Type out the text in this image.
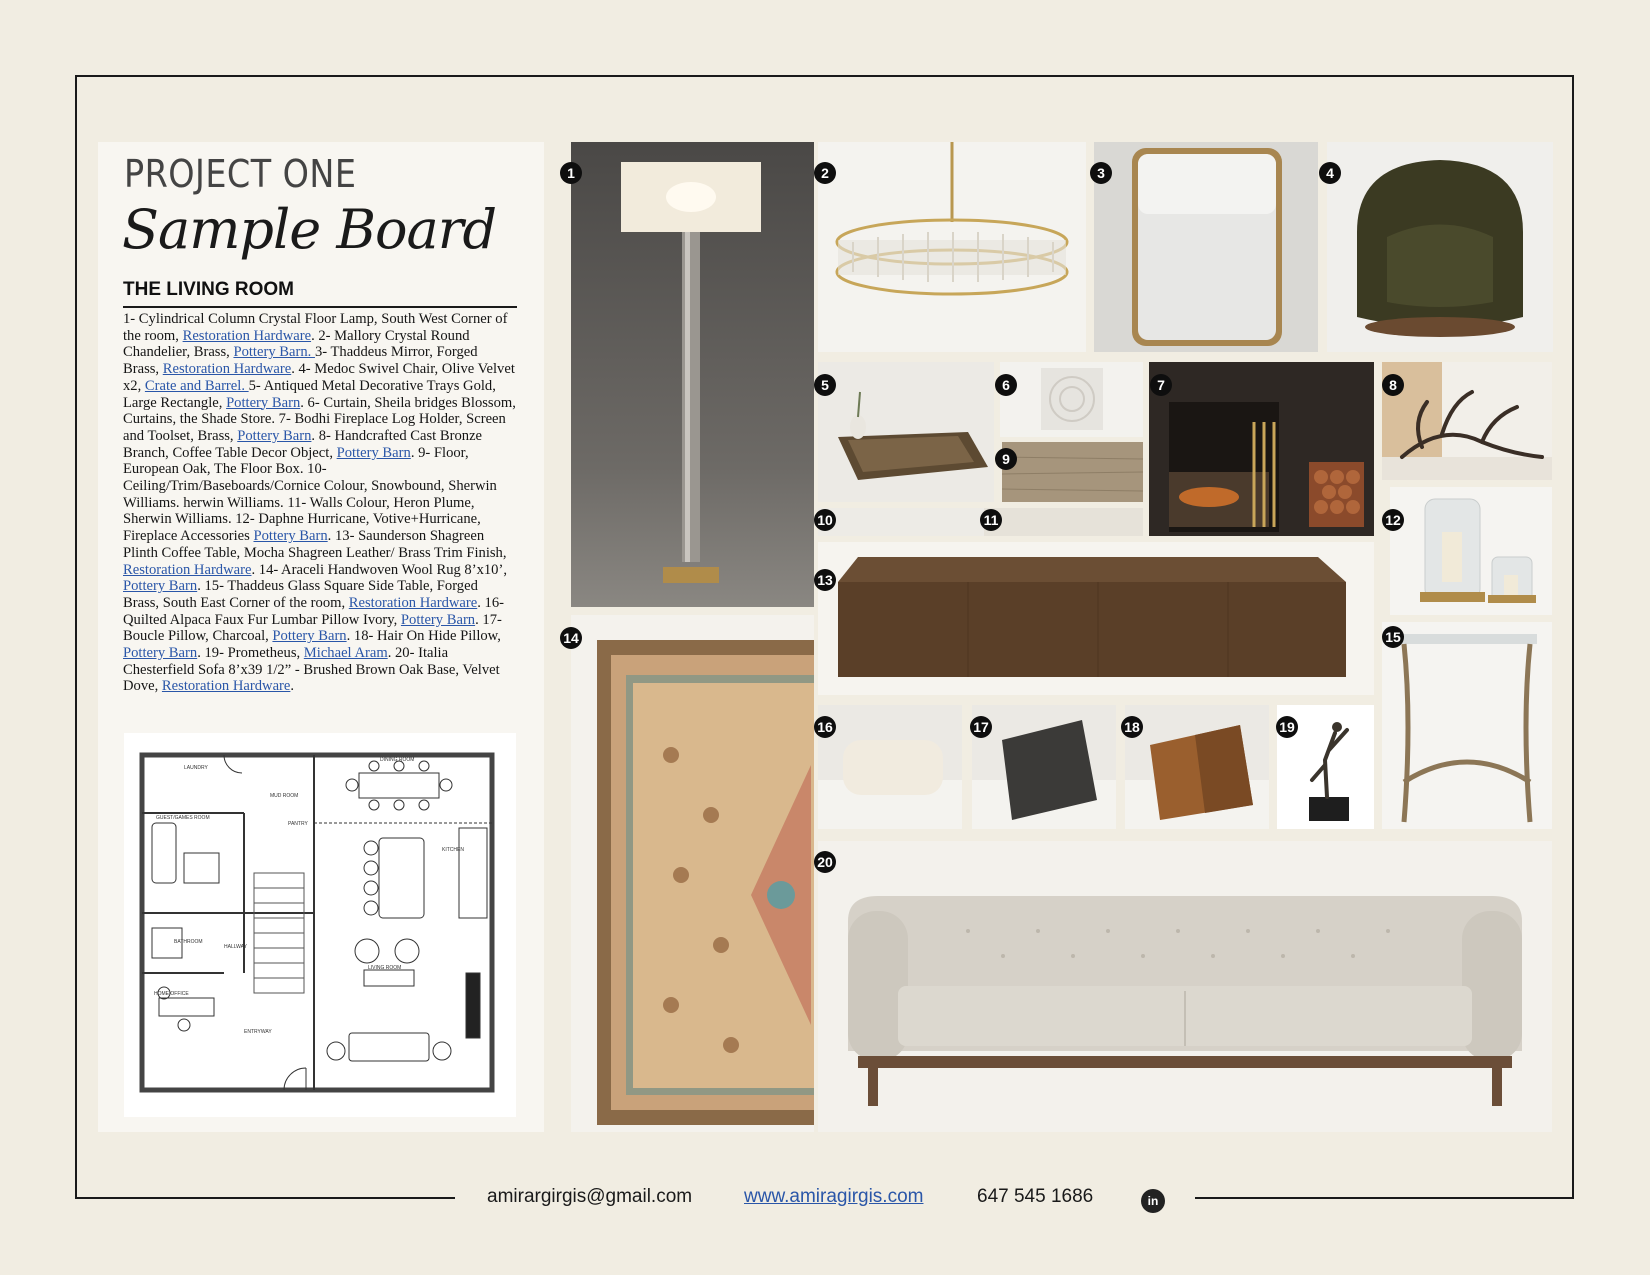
PROJECT ONE
Sample Board
THE LIVING ROOM

1- Cylindrical Column Crystal Floor Lamp, South West Corner of the room, Restoration Hardware. 2- Mallory Crystal Round Chandelier, Brass, Pottery Barn. 3- Thaddeus Mirror, Forged Brass, Restoration Hardware. 4- Medoc Swivel Chair, Olive Velvet x2, Crate and Barrel. 5- Antiqued Metal Decorative Trays Gold, Large Rectangle, Pottery Barn. 6- Curtain, Sheila bridges Blossom, Curtains, the Shade Store. 7- Bodhi Fireplace Log Holder, Screen and Toolset, Brass, Pottery Barn. 8- Handcrafted Cast Bronze Branch, Coffee Table Decor Object, Pottery Barn. 9- Floor, European Oak, The Floor Box. 10- Ceiling/Trim/Baseboards/Cornice Colour, Snowbound, Sherwin Williams. herwin Williams. 11- Walls Colour, Heron Plume, Sherwin Williams. 12- Daphne Hurricane, Votive+Hurricane, Fireplace Accessories Pottery Barn. 13- Saunderson Shagreen Plinth Coffee Table, Mocha Shagreen Leather/ Brass Trim Finish, Restoration Hardware. 14- Araceli Handwoven Wool Rug 8’x10’, Pottery Barn. 15- Thaddeus Glass Square Side Table, Forged Brass, South East Corner of the room, Restoration Hardware. 16- Quilted Alpaca Faux Fur Lumbar Pillow Ivory, Pottery Barn. 17- Boucle Pillow, Charcoal, Pottery Barn. 18- Hair On Hide Pillow, Pottery Barn. 19- Prometheus, Michael Aram. 20- Italia Chesterfield Sofa 8’x39 1/2” - Brushed Brown Oak Base, Velvet Dove, Restoration Hardware.

LIVING ROOM
DINING ROOM
KITCHEN
PANTRY
LAUNDRY
GUEST/GAMES ROOM
BATHROOM
HOME OFFICE
HALLWAY
ENTRYWAY
MUD ROOM
1	2	3	4
5	6	7	8
9
10	11	12
13
14	15
16	17	18	19
20
amirargirgis@gmail.com	www.amiragirgis.com	647 545 1686	in
